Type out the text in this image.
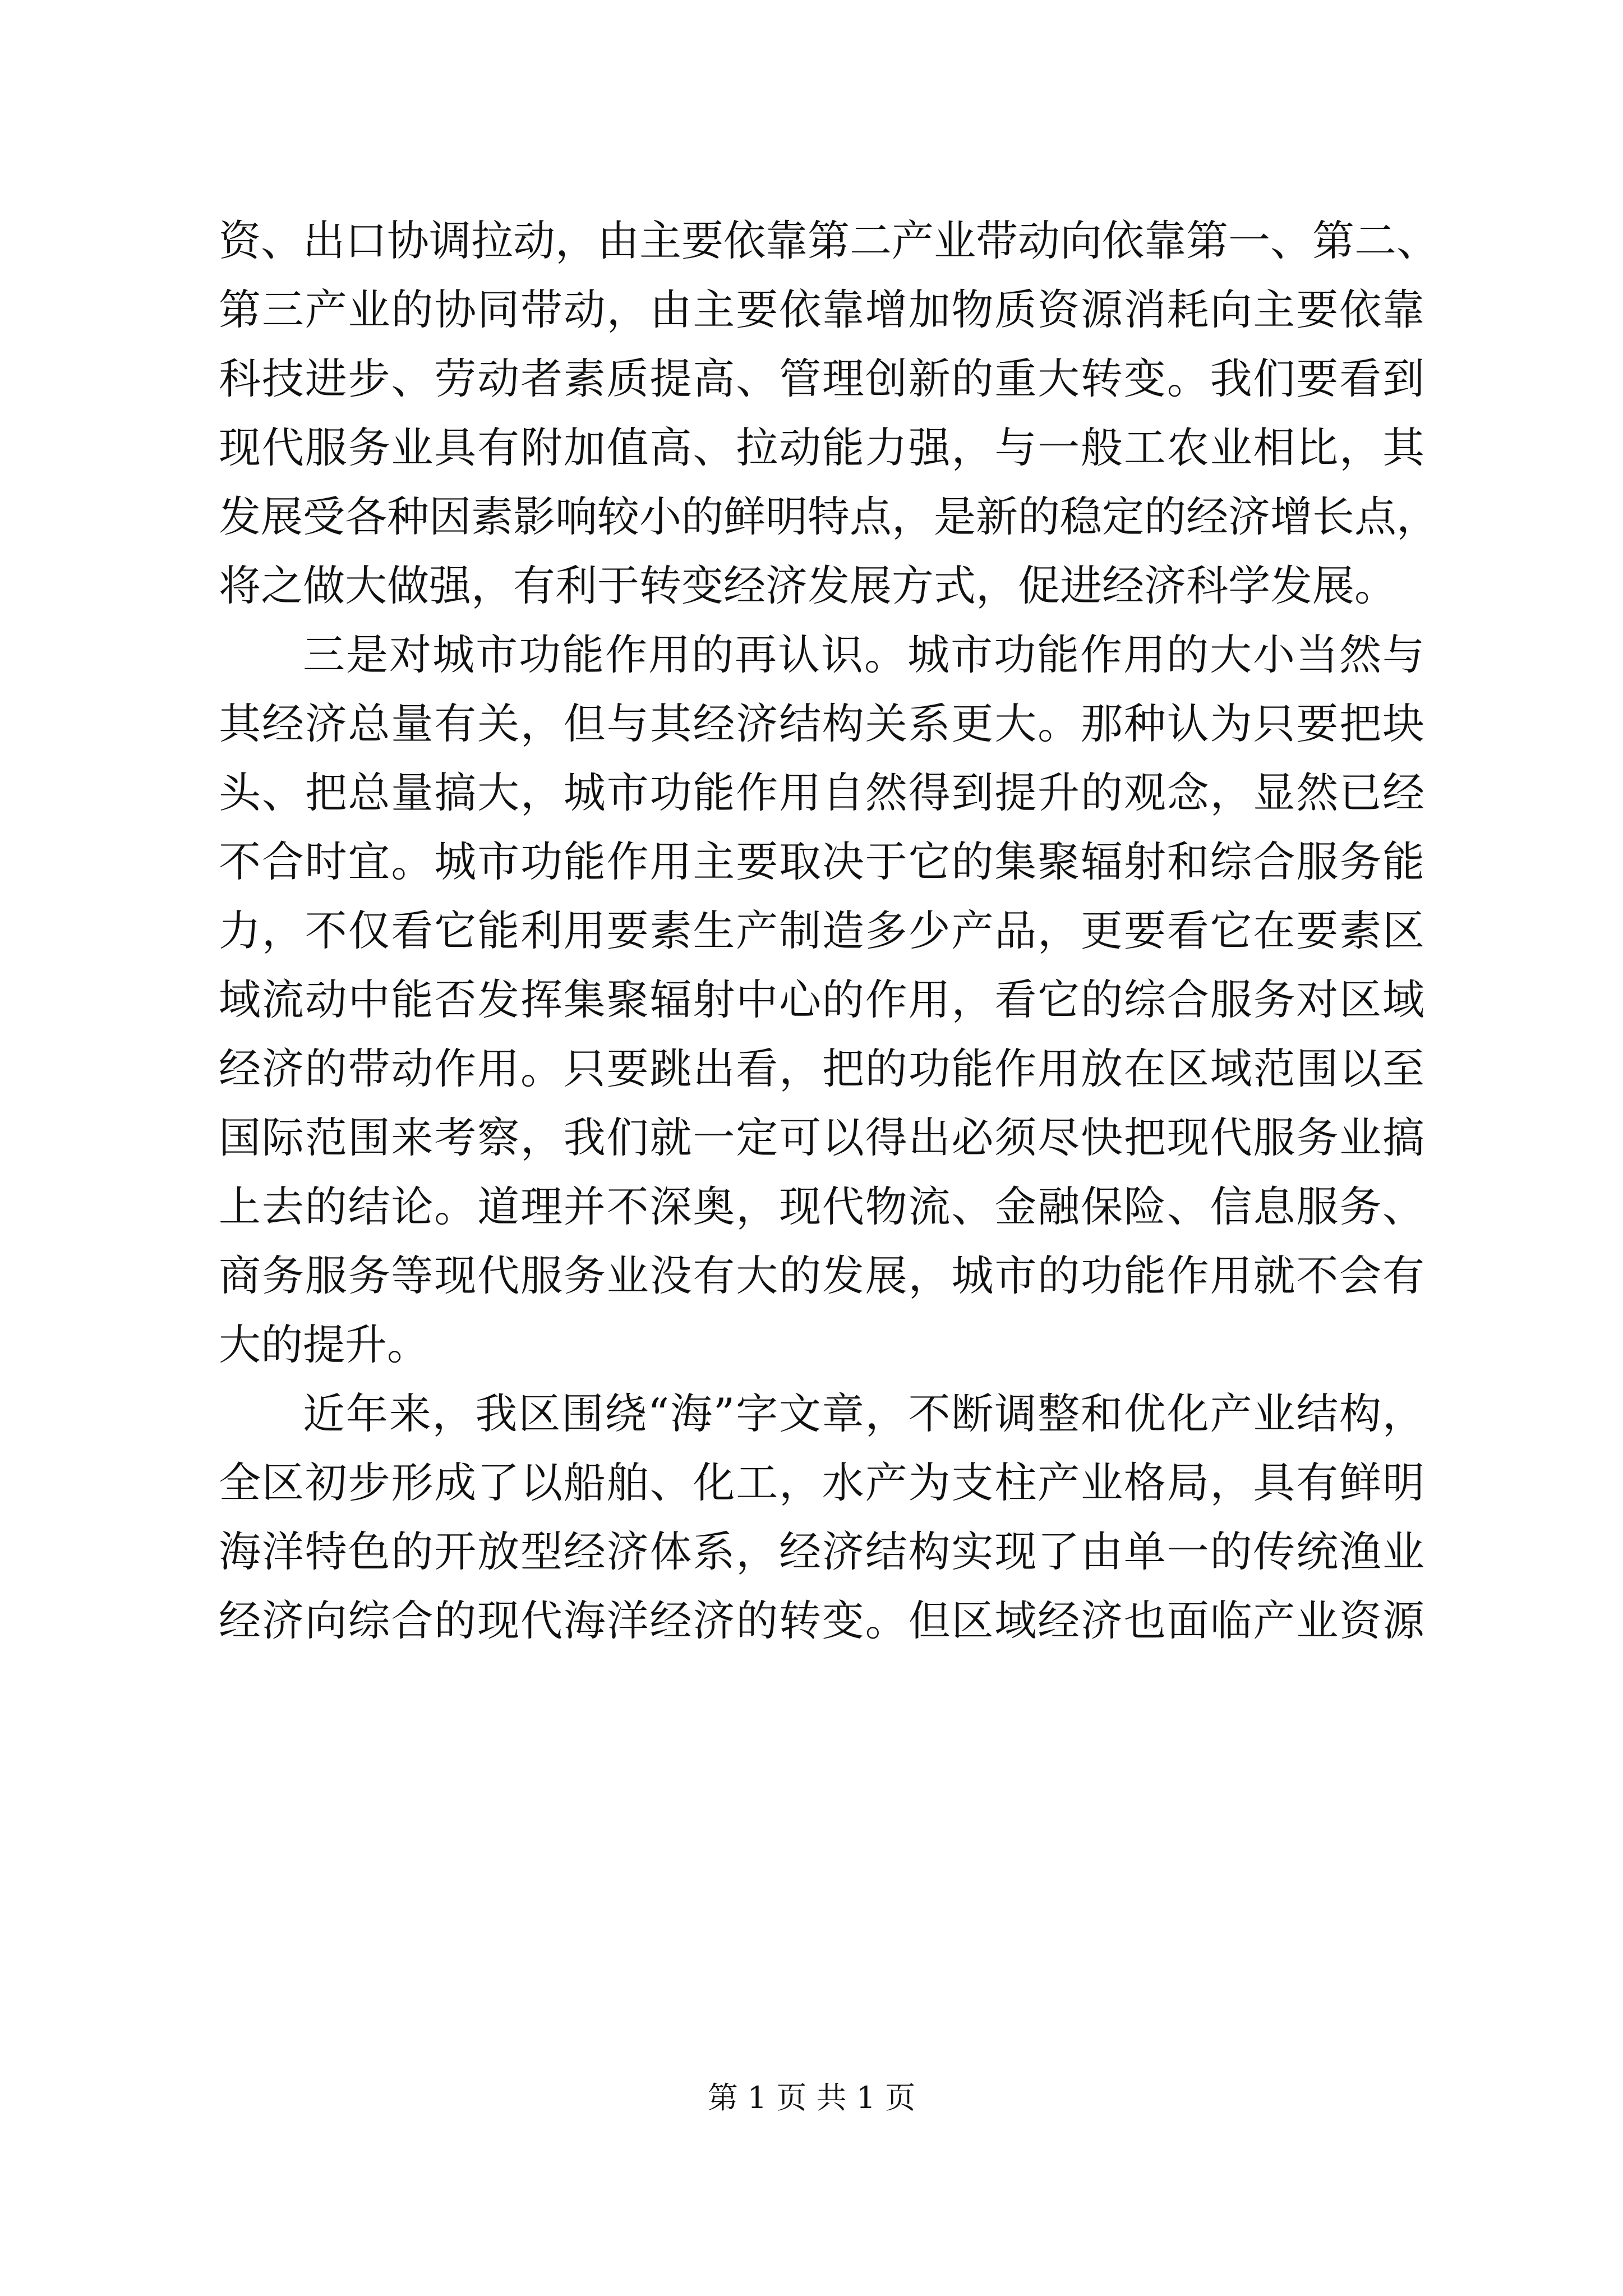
资、出口协调拉动，由主要依靠第二产业带动向依靠第一、第二、
第三产业的协同带动，由主要依靠增加物质资源消耗向主要依靠
科技进步、劳动者素质提高、管理创新的重大转变。我们要看到
现代服务业具有附加值高、拉动能力强，与一般工农业相比，其
发展受各种因素影响较小的鲜明特点，是新的稳定的经济增长点，
将之做大做强，有利于转变经济发展方式，促进经济科学发展。
三是对城市功能作用的再认识。城市功能作用的大小当然与
其经济总量有关，但与其经济结构关系更大。那种认为只要把块
头、把总量搞大，城市功能作用自然得到提升的观念，显然已经
不合时宜。城市功能作用主要取决于它的集聚辐射和综合服务能
力，不仅看它能利用要素生产制造多少产品，更要看它在要素区
域流动中能否发挥集聚辐射中心的作用，看它的综合服务对区域
经济的带动作用。只要跳出看，把的功能作用放在区域范围以至
国际范围来考察，我们就一定可以得出必须尽快把现代服务业搞
上去的结论。道理并不深奥，现代物流、金融保险、信息服务、
商务服务等现代服务业没有大的发展，城市的功能作用就不会有
大的提升。
近年来，我区围绕“海”字文章，不断调整和优化产业结构，
全区初步形成了以船舶、化工，水产为支柱产业格局，具有鲜明
海洋特色的开放型经济体系，经济结构实现了由单一的传统渔业
经济向综合的现代海洋经济的转变。但区域经济也面临产业资源
第 1 页 共 1 页
